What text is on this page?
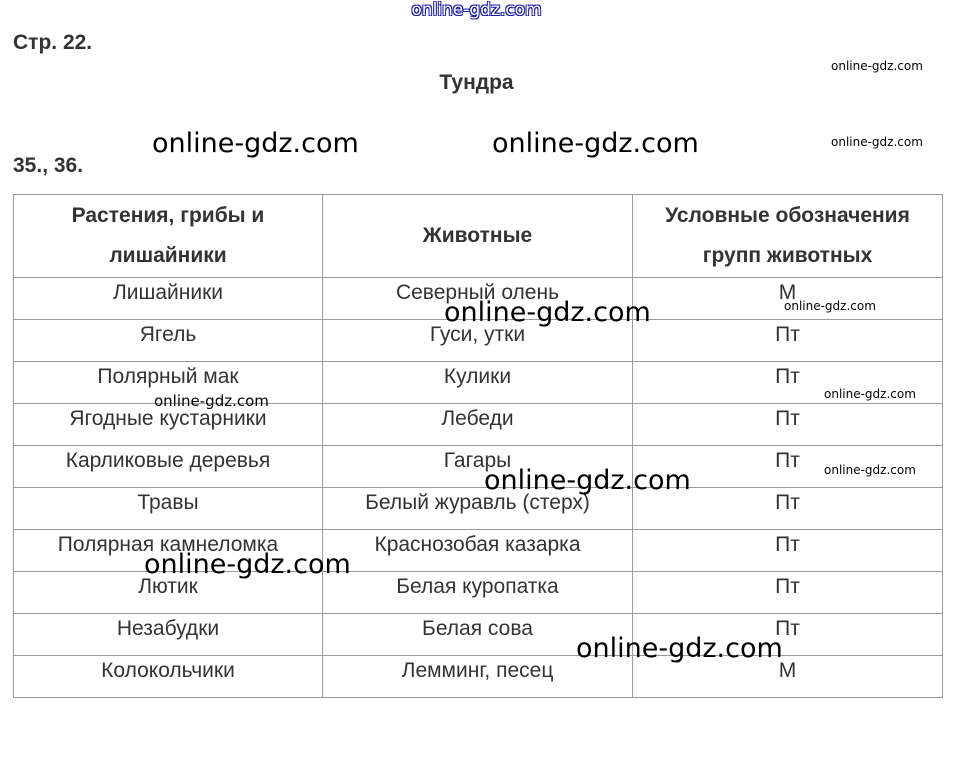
online-gdz.com
Стр. 22.
Тундра
35., 36.
Растения, грибы и
лишайники	Животные	Условные обозначения
групп животных
Лишайники	Северный олень	М
Ягель	Гуси, утки	Пт
Полярный мак	Кулики	Пт
Ягодные кустарники	Лебеди	Пт
Карликовые деревья	Гагары	Пт
Травы	Белый журавль (стерх)	Пт
Полярная камнеломка	Краснозобая казарка	Пт
Лютик	Белая куропатка	Пт
Незабудки	Белая сова	Пт
Колокольчики	Лемминг, песец	М
online-gdz.com
online-gdz.com
online-gdz.com	online-gdz.com
online-gdz.com	online-gdz.com
online-gdz.com	online-gdz.com
online-gdz.com
online-gdz.com
online-gdz.com
online-gdz.com
